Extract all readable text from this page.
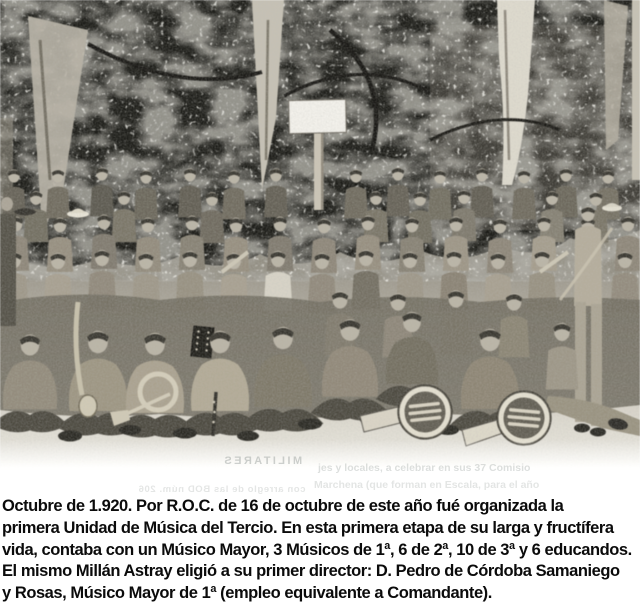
MILITARES
con arreglo de las BOD núm. 206
jes y locales, a celebrar en sus 37 Comisio
Marchena (que forman en Escala, para el año
Octubre de 1.920. Por R.O.C. de 16 de octubre de este año fué organizada la
primera Unidad de Música del Tercio. En esta primera etapa de su larga y fructífera
vida, contaba con un Músico Mayor, 3 Músicos de 1ª, 6 de 2ª, 10 de 3ª y 6 educandos.
El mismo Millán Astray eligió a su primer director: D. Pedro de Córdoba Samaniego
y Rosas, Músico Mayor de 1ª (empleo equivalente a Comandante).
